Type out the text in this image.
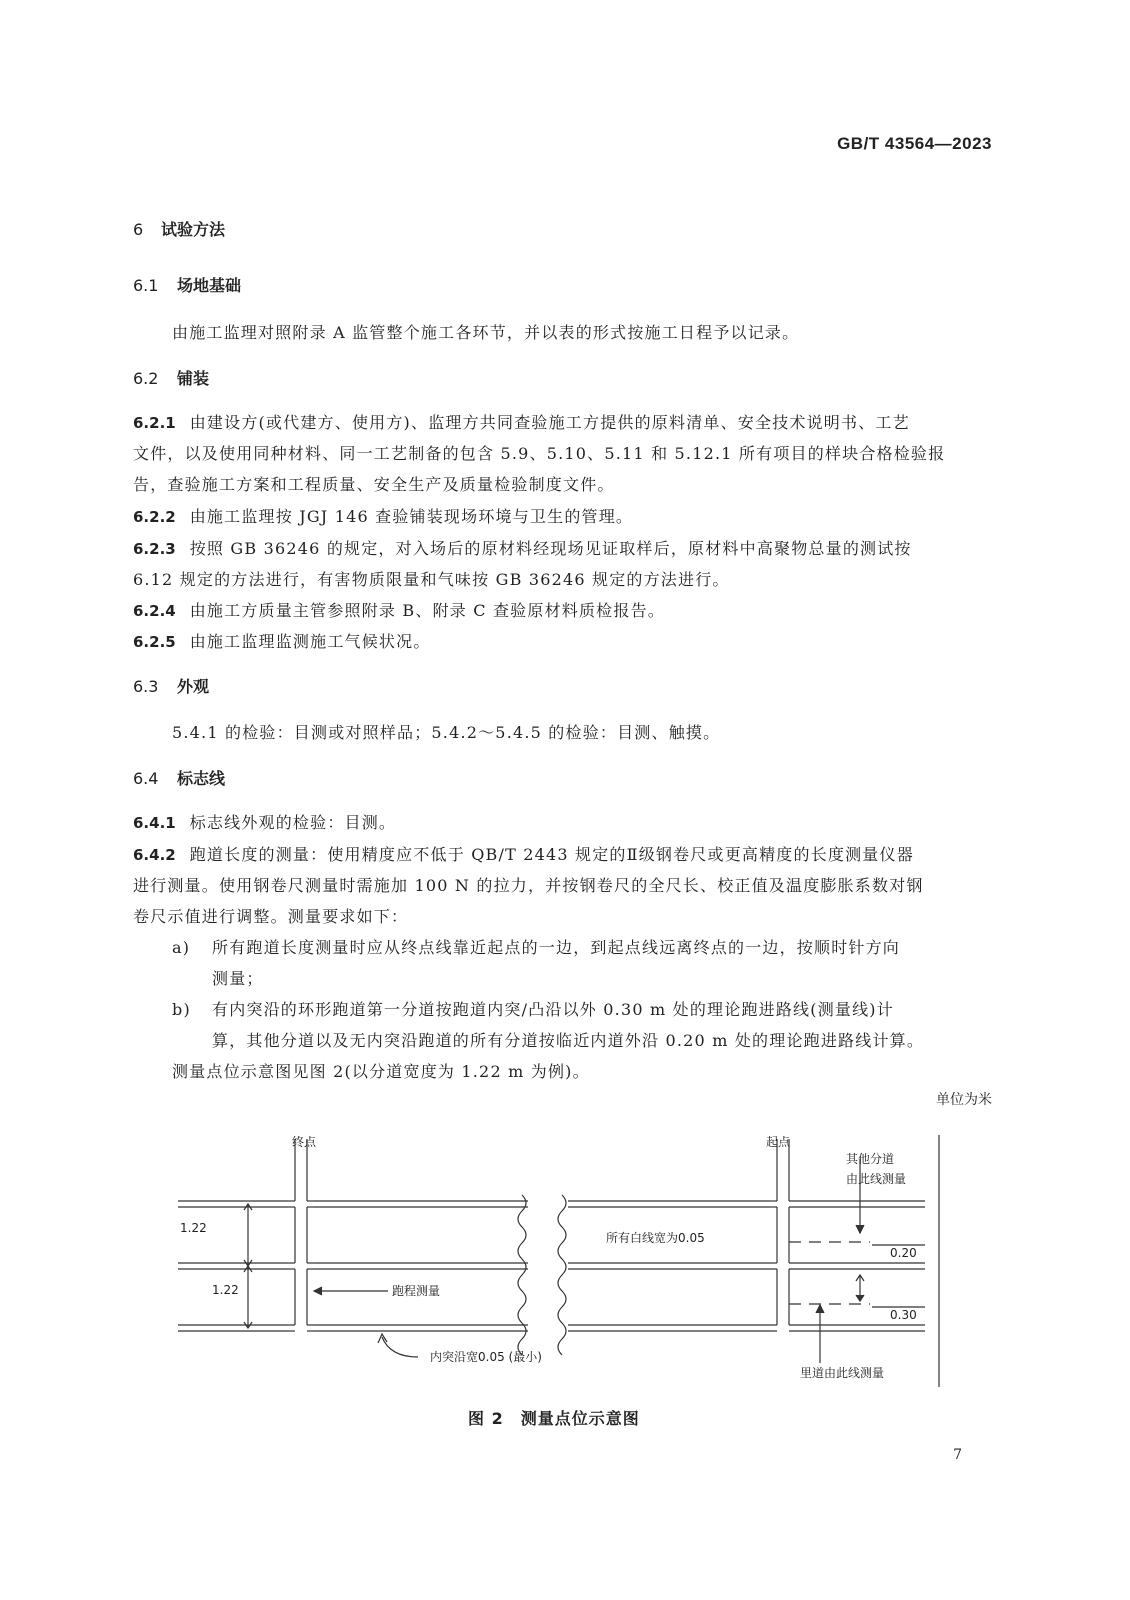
GB/T 43564—2023
6 试验方法
6.1 场地基础
由施工监理对照附录 A 监管整个施工各环节，并以表的形式按施工日程予以记录。
6.2 铺装
6.2.1 由建设方(或代建方、使用方)、监理方共同查验施工方提供的原料清单、安全技术说明书、工艺
文件，以及使用同种材料、同一工艺制备的包含 5.9、5.10、5.11 和 5.12.1 所有项目的样块合格检验报
告，查验施工方案和工程质量、安全生产及质量检验制度文件。
6.2.2 由施工监理按 JGJ 146 查验铺装现场环境与卫生的管理。
6.2.3 按照 GB 36246 的规定，对入场后的原材料经现场见证取样后，原材料中高聚物总量的测试按
6.12 规定的方法进行，有害物质限量和气味按 GB 36246 规定的方法进行。
6.2.4 由施工方质量主管参照附录 B、附录 C 查验原材料质检报告。
6.2.5 由施工监理监测施工气候状况。
6.3 外观
5.4.1 的检验：目测或对照样品；5.4.2～5.4.5 的检验：目测、触摸。
6.4 标志线
6.4.1 标志线外观的检验：目测。
6.4.2 跑道长度的测量：使用精度应不低于 QB/T 2443 规定的Ⅱ级钢卷尺或更高精度的长度测量仪器
进行测量。使用钢卷尺测量时需施加 100 N 的拉力，并按钢卷尺的全尺长、校正值及温度膨胀系数对钢
卷尺示值进行调整。测量要求如下：
a) 所有跑道长度测量时应从终点线靠近起点的一边，到起点线远离终点的一边，按顺时针方向
测量；
b) 有内突沿的环形跑道第一分道按跑道内突/凸沿以外 0.30 m 处的理论跑进路线(测量线)计
算，其他分道以及无内突沿跑道的所有分道按临近内道外沿 0.20 m 处的理论跑进路线计算。
测量点位示意图见图 2(以分道宽度为 1.22 m 为例)。
单位为米
终点	起点
其他分道
由此线测量
1.22
1.22
所有白线宽为0.05
跑程测量
0.20
0.30
内突沿宽0.05 (最小)
里道由此线测量
图 2　测量点位示意图
7
